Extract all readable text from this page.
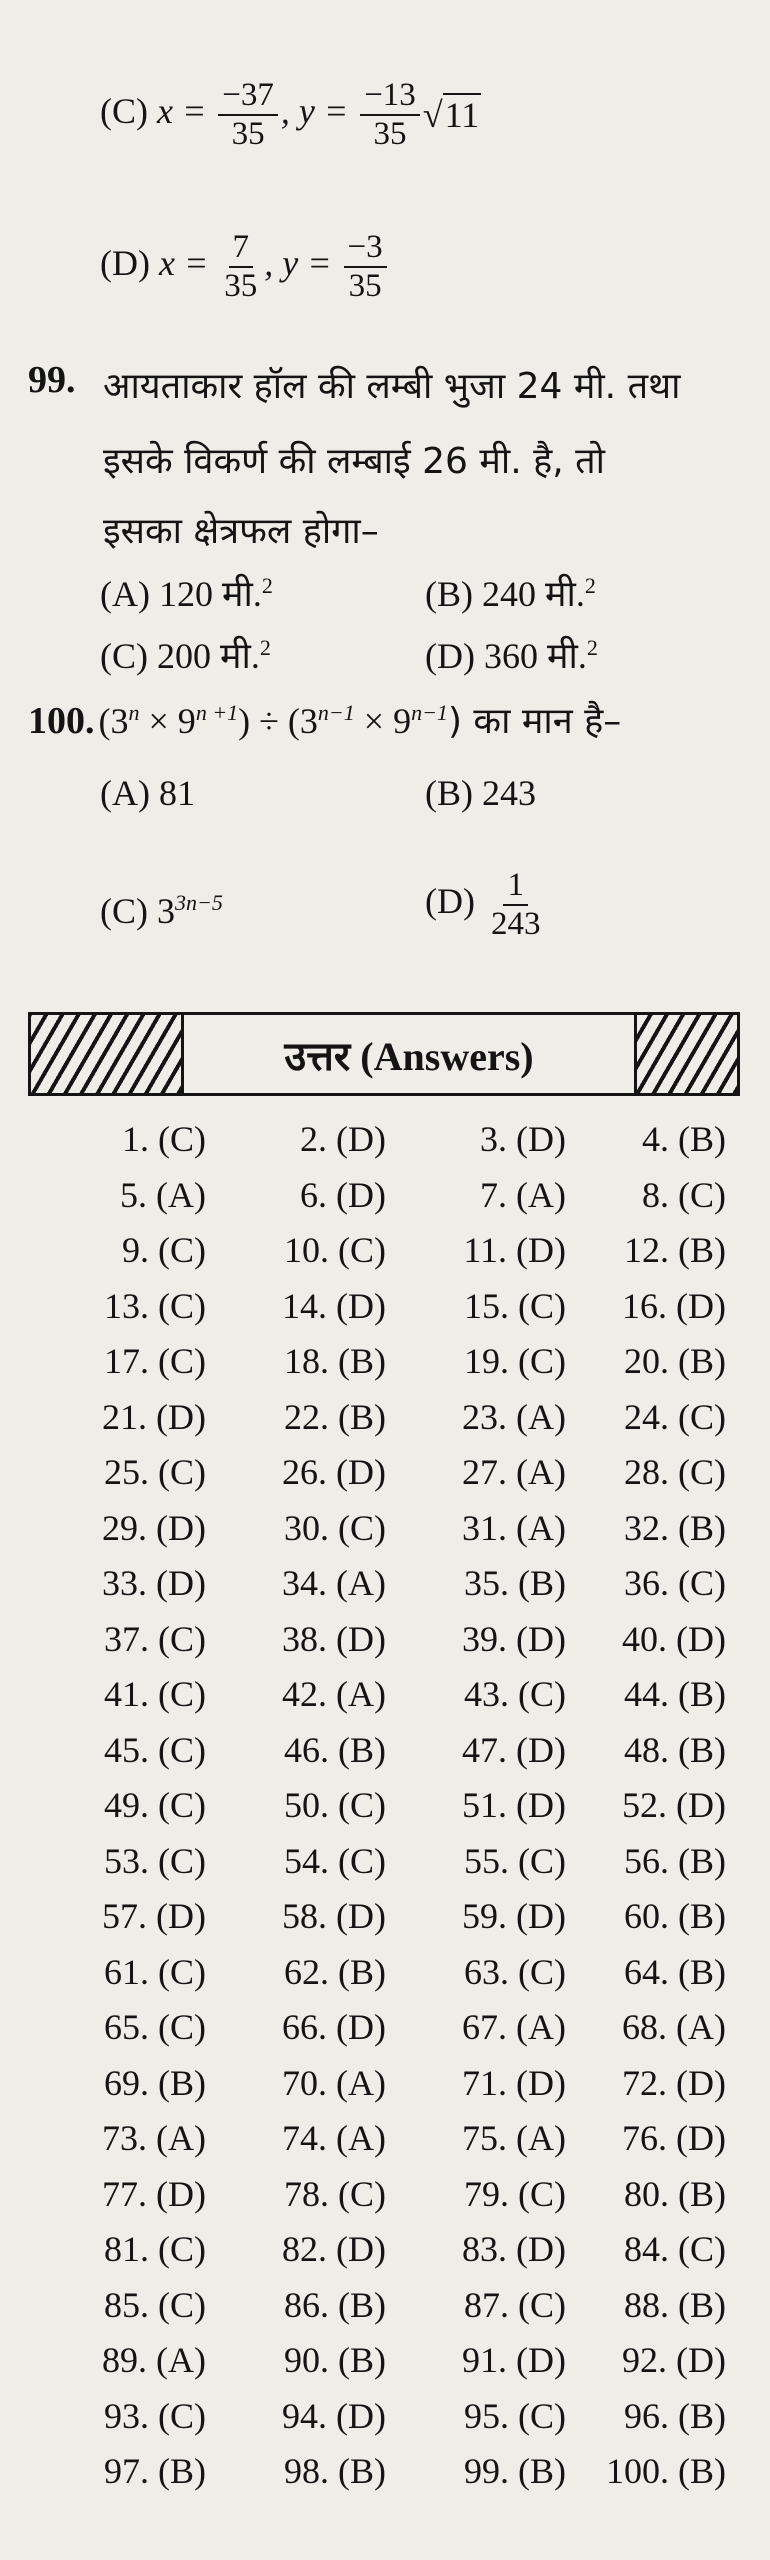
(C) $x = \frac{-37}{35}$ , $y = \frac{-13}{35} √11$
(D) $x = \frac{7}{35}$ , $y = \frac{-3}{35}$
99. आयताकार हॉल की लम्बी भुजा 24 मी. तथा
इसके विकर्ण की लम्बाई 26 मी. है, तो
इसका क्षेत्रफल होगा–
(A) 120 मी.$^2$	(B) 240 मी.$^2$
(C) 200 मी.$^2$	(D) 360 मी.$^2$
100. $(3^n \times 9^{n +1}) \div (3^{n-1} \times 9^{n-1})$ का मान है–
(A) 81	(B) 243
(C) $3^{3n-5}$	$(D) \frac{1}{243}$
उत्तर (Answers)
1. (C)	2. (D)	3. (D)	4. (B)
5. (A)	6. (D)	7. (A)	8. (C)
9. (C)	10. (C)	11. (D)	12. (B)
13. (C)	14. (D)	15. (C)	16. (D)
17. (C)	18. (B)	19. (C)	20. (B)
21. (D)	22. (B)	23. (A)	24. (C)
25. (C)	26. (D)	27. (A)	28. (C)
29. (D)	30. (C)	31. (A)	32. (B)
33. (D)	34. (A)	35. (B)	36. (C)
37. (C)	38. (D)	39. (D)	40. (D)
41. (C)	42. (A)	43. (C)	44. (B)
45. (C)	46. (B)	47. (D)	48. (B)
49. (C)	50. (C)	51. (D)	52. (D)
53. (C)	54. (C)	55. (C)	56. (B)
57. (D)	58. (D)	59. (D)	60. (B)
61. (C)	62. (B)	63. (C)	64. (B)
65. (C)	66. (D)	67. (A)	68. (A)
69. (B)	70. (A)	71. (D)	72. (D)
73. (A)	74. (A)	75. (A)	76. (D)
77. (D)	78. (C)	79. (C)	80. (B)
81. (C)	82. (D)	83. (D)	84. (C)
85. (C)	86. (B)	87. (C)	88. (B)
89. (A)	90. (B)	91. (D)	92. (D)
93. (C)	94. (D)	95. (C)	96. (B)
97. (B)	98. (B)	99. (B)	100. (B)
